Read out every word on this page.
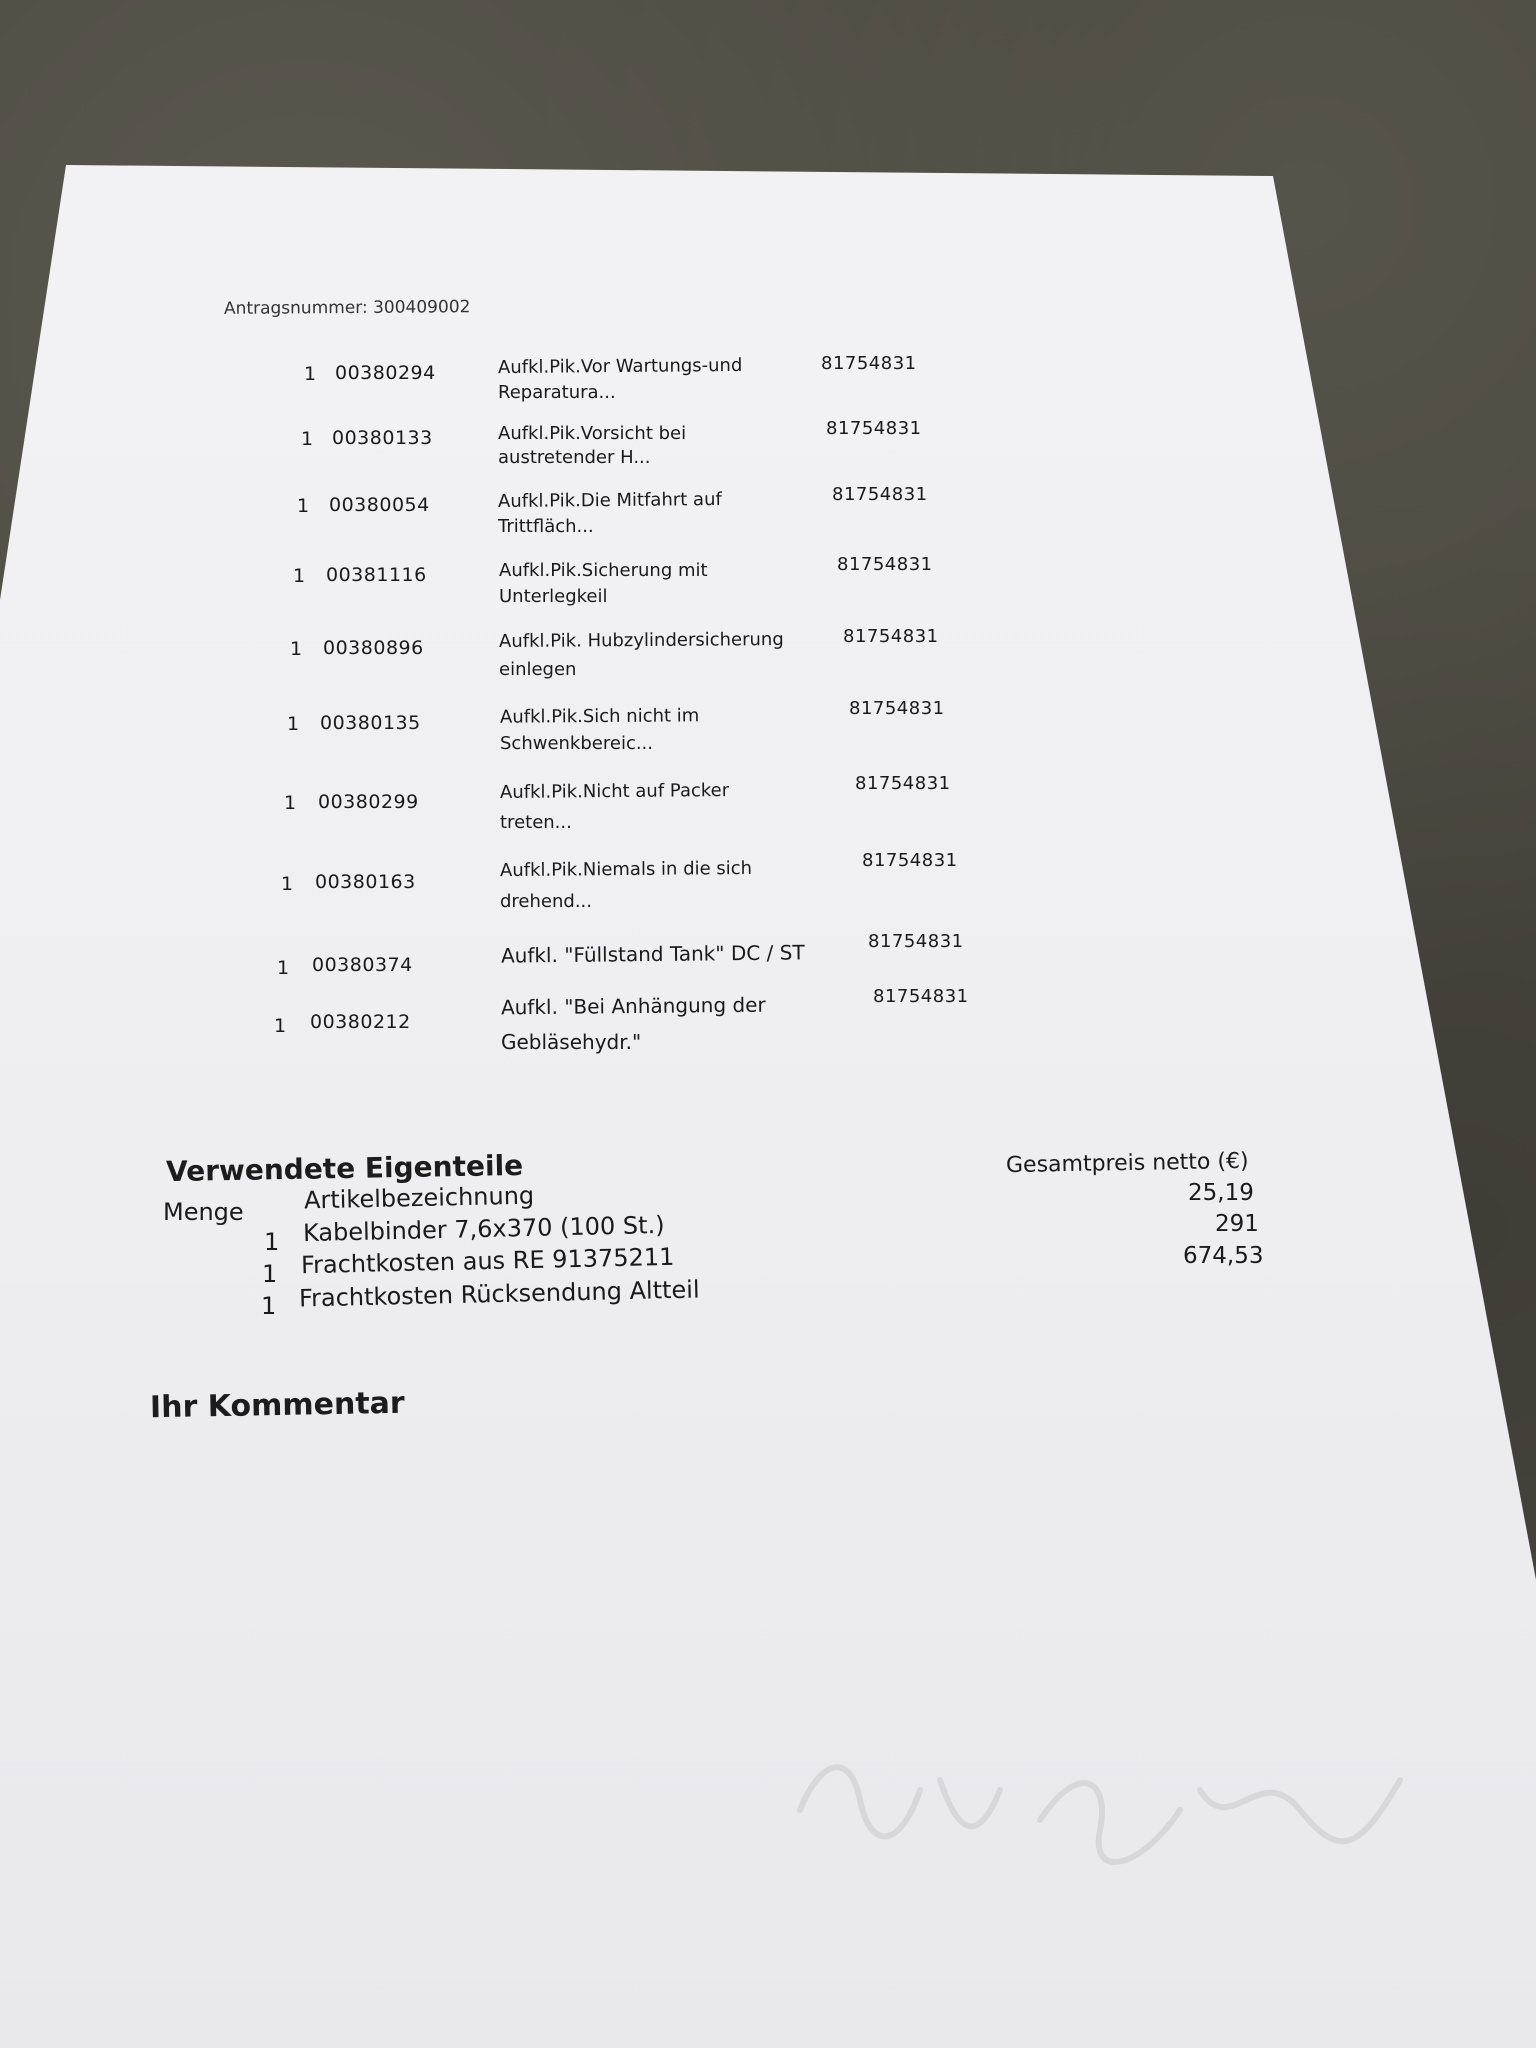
Antragsnummer: 300409002
1 00380294	Aufkl.Pik.Vor Wartungs-und
Reparatura...
81754831
1 00380133	Aufkl.Pik.Vorsicht bei
austretender H...
81754831
1 00380054	Aufkl.Pik.Die Mitfahrt auf
Trittfläch...
81754831
1 00381116	Aufkl.Pik.Sicherung mit
Unterlegkeil
81754831
1 00380896	Aufkl.Pik. Hubzylindersicherung
einlegen
81754831
1 00380135	Aufkl.Pik.Sich nicht im
Schwenkbereic...
81754831
1 00380299	Aufkl.Pik.Nicht auf Packer
treten...
81754831
1 00380163
Aufkl.Pik.Niemals in die sich
drehend...
81754831
1 00380374	Aufkl. "Füllstand Tank" DC / ST	81754831
1 00380212
Aufkl. "Bei Anhängung der
Gebläsehydr."
81754831
Verwendete Eigenteile
Menge	Artikelbezeichnung
Gesamtpreis netto (€)
1 Kabelbinder 7,6x370 (100 St.)
25,19
1 Frachtkosten aus RE 91375211
291
1 Frachtkosten Rücksendung Altteil
674,53
Ihr Kommentar
